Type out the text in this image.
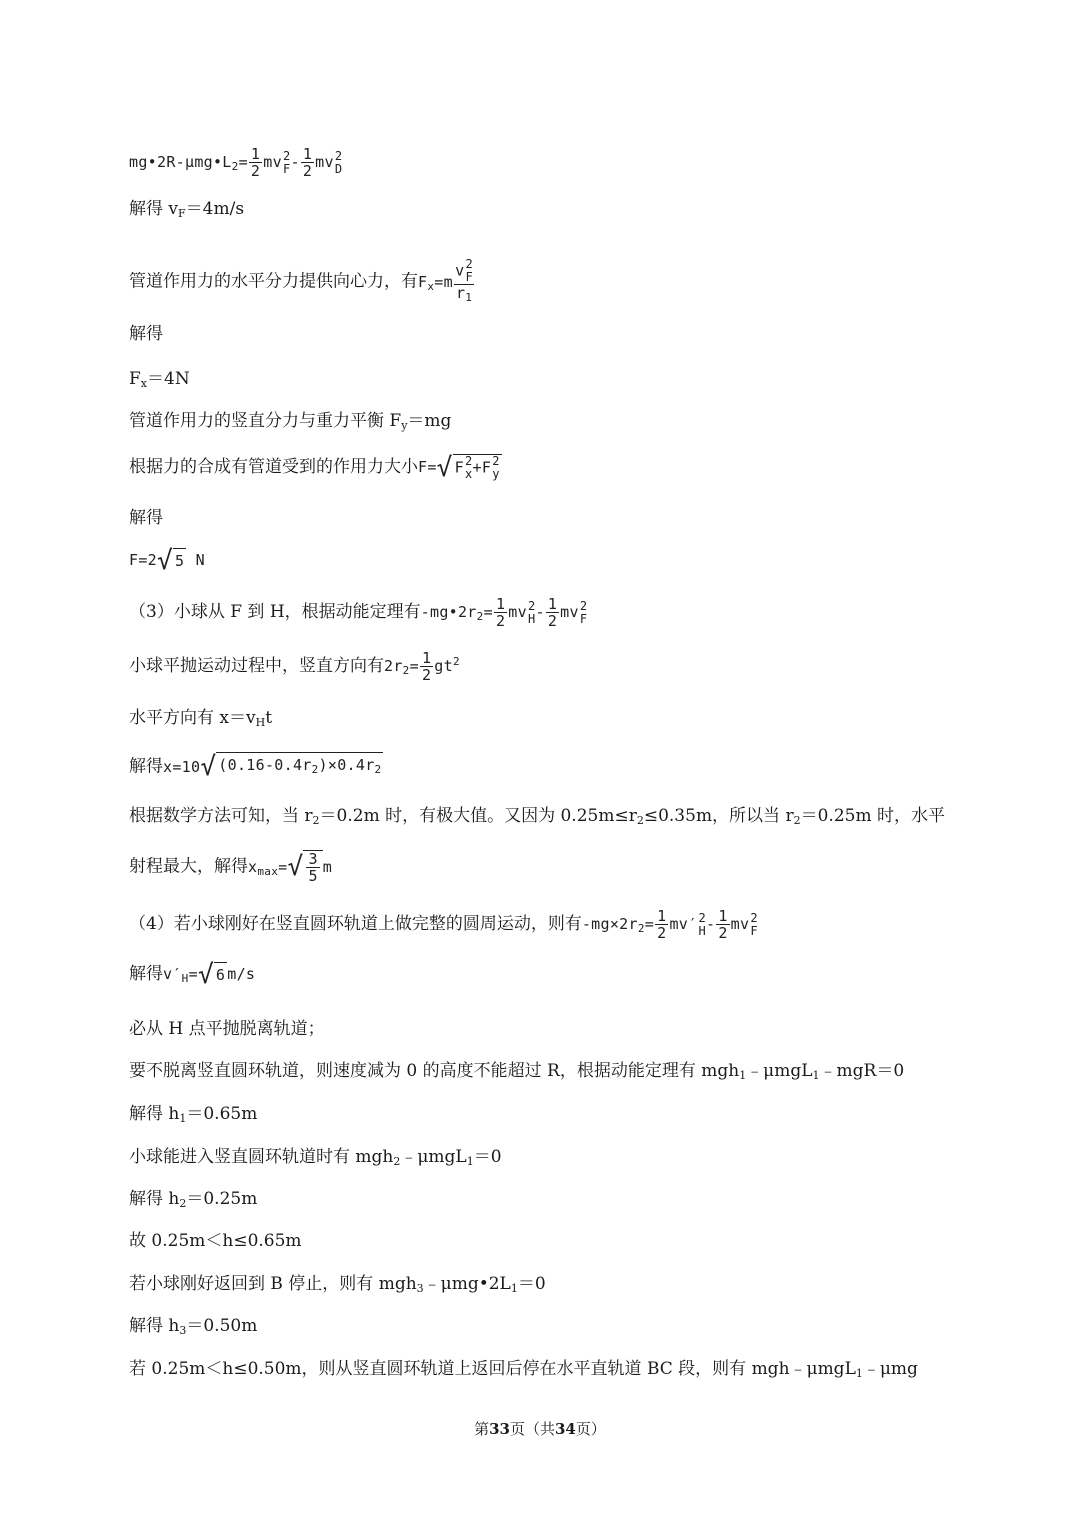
$mg•2R-\mu mg•L_2= \frac{1}{2}$ mv 2
F - $\frac{1}{2}$ mv 2
D
解得 $v_F=4m/s$
管道作用力的水平分力提供向心力，有$F_x=m$ v 2
F
$r_1$
解得
$F_x=4N$
管道作用力的竖直分力与重力平衡 $F_y=mg$
根据力的合成有管道受到的作用力大小F=√ F 2
x +F 2
y
解得
F=2√ 5 N
（3）小球从 F 到 H，根据动能定理有$-mg•2r_2= \frac{1}{2}$ mv 2
H - $\frac{1}{2}$ mv 2
F
小球平抛运动过程中，竖直方向有$2r_2= \frac{1}{2} gt^2$
水平方向有 $x=v_Ht$
解得x=10√ $(0.16-0.4r_2)\times 0.4r_2$
根据数学方法可知，当 $r_2=0.2m$ 时，有极大值。又因为 $0.25m\le r_2\le 0.35m$，所以当 $r_2=0.25m$ 时，水平
射程最大，解得$x_{max}=√ \frac{3}{5}$ m
（4）若小球刚好在竖直圆环轨道上做完整的圆周运动，则有$-mg\times 2r_2= \frac{1}{2} mv'$ 2
H - $\frac{1}{2}$ mv 2
F
解得$v'_H=√$ 6 m/s
必从 H 点平抛脱离轨道；
要不脱离竖直圆环轨道，则速度减为 0 的高度不能超过 R，根据动能定理有 mgh$_1$﹣μmgL$_1$﹣mgR＝0
解得 $h_1=0.65m$
小球能进入竖直圆环轨道时有 mgh$_2$﹣μmgL$_1$＝0
解得 $h_2=0.25m$
故 0.25m＜h≤0.65m
若小球刚好返回到 B 停止，则有 $mgh_3﹣\mu mg•2L_1=0$
解得 $h_3=0.50m$
若 0.25m＜h≤0.50m，则从竖直圆环轨道上返回后停在水平直轨道 BC 段，则有 mgh﹣μmgL$_1$﹣μmg
第33页（共34页）
